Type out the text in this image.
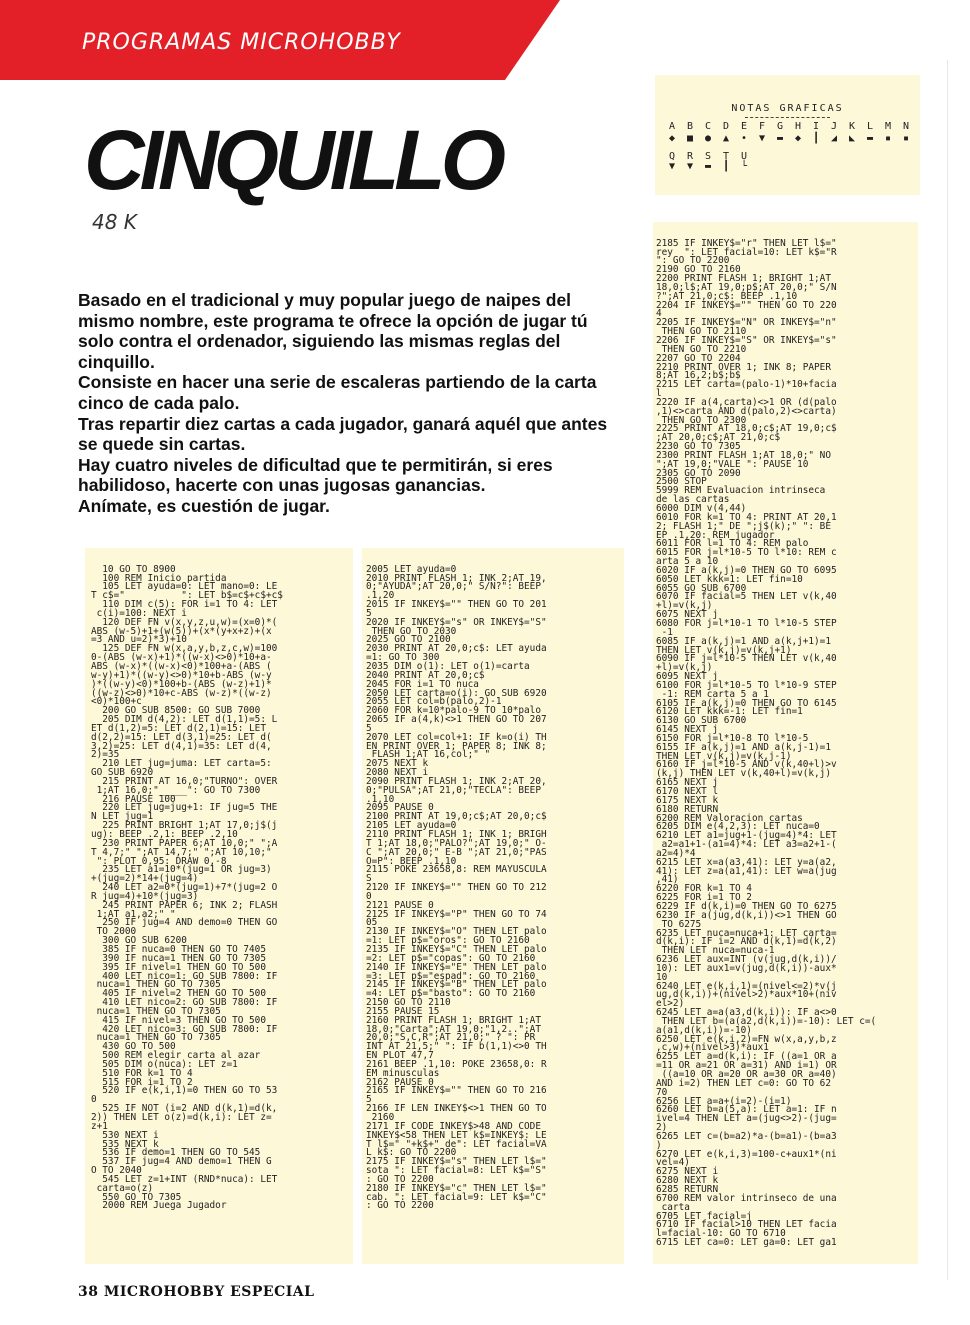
PROGRAMAS MICROHOBBY
CINQUILLO
48 K

Basado en el tradicional y muy popular juego de naipes del mismo nombre, este programa te ofrece la opción de jugar tú solo contra el ordenador, siguiendo las mismas reglas del cinquillo.

Consiste en hacer una serie de escaleras partiendo de la carta cinco de cada palo.

Tras repartir diez cartas a cada jugador, ganará aquél que antes se quede sin cartas.

Hay cuatro niveles de dificultad que te permitirán, si eres habilidoso, hacerte con unas jugosas ganancias.

Anímate, es cuestión de jugar.

NOTAS GRAFICAS
A B C D E F G H I J K L M N
◆ ■ ● ▲ • ▼ ▬ ◆ ┃ ◢ ◣ ▬ ▪ ▪
Q R S T U
▼ ▼ ▬ ┃ └

10 GO TO 8900
100 REM Inicio partida
105 LET ayuda=0: LET mano=0: LE
T c$="          ": LET b$=c$+c$+c$
110 DIM c(5): FOR i=1 TO 4: LET
c(i)=100: NEXT i
120 DEF FN v(x,y,z,u,w)=(x=0)*(
ABS (w-5)+1+(w(5))+(x*(y+x+z)+(x
=3 AND u=2)*3)+10
125 DEF FN w(x,a,y,b,z,c,w)=100
0-(ABS (w-x)+1)*((w-x)<>0)*10+a-
ABS (w-x)*((w-x)<0)*100+a-(ABS (
w-y)+1)*((w-y)<>0)*10+b-ABS (w-y
)*((w-y)<0)*100+b-(ABS (w-z)+1)*
((w-z)<>0)*10+c-ABS (w-z)*((w-z)
<0)*100+c
200 GO SUB 8500: GO SUB 7000
205 DIM d(4,2): LET d(1,1)=5: L
ET d(1,2)=5: LET d(2,1)=15: LET
d(2,2)=15: LET d(3,1)=25: LET d(
3,2)=25: LET d(4,1)=35: LET d(4,
2)=35
210 LET jug=juma: LET carta=5:
GO SUB 6920
215 PRINT AT 16,0;"TURNO": OVER
1;AT 16,0;"_____": GO TO 7300
216 PAUSE 100
220 LET jug=jug+1: IF jug=5 THE
N LET jug=1
225 PRINT BRIGHT 1;AT 17,0;j$(j
ug): BEEP .2,1: BEEP .2,10
230 PRINT PAPER 6;AT 10,0;" ";A
T 4,7;" ";AT 14,7;" ";AT 10,10;"
": PLOT 0,95: DRAW 0,-8
235 LET a1=10*(jug=1 OR jug=3)
+(jug=2)*14+(jug=4)
240 LET a2=0*(jug=1)+7*(jug=2 O
R jug=4)+10*(jug=3)
245 PRINT PAPER 6; INK 2; FLASH
1;AT a1,a2;" "
250 IF jug=4 AND demo=0 THEN GO
TO 2000
300 GO SUB 6200
385 IF nuca=0 THEN GO TO 7405
390 IF nuca=1 THEN GO TO 7305
395 IF nivel=1 THEN GO TO 500
400 LET nico=1: GO SUB 7800: IF
nuca=1 THEN GO TO 7305
405 IF nivel=2 THEN GO TO 500
410 LET nico=2: GO SUB 7800: IF
nuca=1 THEN GO TO 7305
415 IF nivel=3 THEN GO TO 500
420 LET nico=3: GO SUB 7800: IF
nuca=1 THEN GO TO 7305
430 GO TO 500
500 REM elegir carta al azar
505 DIM o(nuca): LET z=1
510 FOR k=1 TO 4
515 FOR i=1 TO 2
520 IF e(k,i,1)=0 THEN GO TO 53
0
525 IF NOT (i=2 AND d(k,1)=d(k,
2)) THEN LET o(z)=d(k,i): LET z=
z+1
530 NEXT i
535 NEXT k
536 IF demo=1 THEN GO TO 545
537 IF jug=4 AND demo=1 THEN G
O TO 2040
545 LET z=1+INT (RND*nuca): LET
carta=o(z)
550 GO TO 7305
2000 REM Juega Jugador

2005 LET ayuda=0
2010 PRINT FLASH 1; INK 2;AT 19,
0;"AYUDA";AT 20,0;" S/N?": BEEP
.1,20
2015 IF INKEY$="" THEN GO TO 201
5
2020 IF INKEY$="s" OR INKEY$="S"
THEN GO TO 2030
2025 GO TO 2100
2030 PRINT AT 20,0;c$: LET ayuda
=1: GO TO 300
2035 DIM o(1): LET o(1)=carta
2040 PRINT AT 20,0;c$
2045 FOR i=1 TO nuca
2050 LET carta=o(i): GO SUB 6920
2055 LET col=b(palo,2)-1
2060 FOR k=10*palo-9 TO 10*palo
2065 IF a(4,k)<>1 THEN GO TO 207
5
2070 LET col=col+1: IF k=o(i) TH
EN PRINT OVER 1; PAPER 8; INK 8;
FLASH 1;AT 16,col;" "
2075 NEXT k
2080 NEXT i
2090 PRINT FLASH 1; INK 2;AT 20,
0;"PULSA";AT 21,0;"TECLA": BEEP
.1,10
2095 PAUSE 0
2100 PRINT AT 19,0;c$;AT 20,0;c$
2105 LET ayuda=0
2110 PRINT FLASH 1; INK 1; BRIGH
T 1;AT 18,0;"PALO?";AT 19,0;" O-
C ";AT 20,0;" E-B ";AT 21,0;"PAS
O=P": BEEP .1,10
2115 POKE 23658,8: REM MAYUSCULA
S
2120 IF INKEY$="" THEN GO TO 212
0
2121 PAUSE 0
2125 IF INKEY$="P" THEN GO TO 74
05
2130 IF INKEY$="O" THEN LET palo
=1: LET p$="oros": GO TO 2160
2135 IF INKEY$="C" THEN LET palo
=2: LET p$="copas": GO TO 2160
2140 IF INKEY$="E" THEN LET palo
=3: LET p$="espad": GO TO 2160
2145 IF INKEY$="B" THEN LET palo
=4: LET p$="basto": GO TO 2160
2150 GO TO 2110
2155 PAUSE 15
2160 PRINT FLASH 1; BRIGHT 1;AT
18,0;"Carta";AT 19,0;"1,2..";AT
20,0;"S,C,R";AT 21,0;" ? ": PR
INT AT 21,5;" ": IF b(1,1)<>0 TH
EN PLOT 47,7
2161 BEEP .1,10: POKE 23658,0: R
EM minusculas
2162 PAUSE 0
2165 IF INKEY$="" THEN GO TO 216
5
2166 IF LEN INKEY$<>1 THEN GO TO
2160
2171 IF CODE INKEY$>48 AND CODE
INKEY$<58 THEN LET k$=INKEY$: LE
T l$=" "+k$+" de": LET facial=VA
L k$: GO TO 2200
2175 IF INKEY$="s" THEN LET l$="
sota ": LET facial=8: LET k$="S"
: GO TO 2200
2180 IF INKEY$="c" THEN LET l$="
cab. ": LET facial=9: LET k$="C"
: GO TO 2200

2185 IF INKEY$="r" THEN LET l$="
rey  ": LET facial=10: LET k$="R
": GO TO 2200
2190 GO TO 2160
2200 PRINT FLASH 1; BRIGHT 1;AT
18,0;l$;AT 19,0;p$;AT 20,0;" S/N
?";AT 21,0;c$: BEEP .1,10
2204 IF INKEY$="" THEN GO TO 220
4
2205 IF INKEY$="N" OR INKEY$="n"
THEN GO TO 2110
2206 IF INKEY$="S" OR INKEY$="s"
THEN GO TO 2210
2207 GO TO 2204
2210 PRINT OVER 1; INK 8; PAPER
8;AT 16,2;b$;b$
2215 LET carta=(palo-1)*10+facia
l
2220 IF a(4,carta)<>1 OR (d(palo
,1)<>carta AND d(palo,2)<>carta)
THEN GO TO 2300
2225 PRINT AT 18,0;c$;AT 19,0;c$
;AT 20,0;c$;AT 21,0;c$
2230 GO TO 7305
2300 PRINT FLASH 1;AT 18,0;" NO
";AT 19,0;"VALE ": PAUSE 10
2305 GO TO 2090
2500 STOP
5999 REM Evaluacion intrinseca
de las cartas
6000 DIM v(4,44)
6010 FOR k=1 TO 4: PRINT AT 20,1
2; FLASH 1;" DE ";j$(k);" ": BE
EP .1,20: REM jugador
6011 FOR l=1 TO 4: REM palo
6015 FOR j=l*10-5 TO l*10: REM c
arta 5 a 10
6020 IF a(k,j)=0 THEN GO TO 6095
6050 LET kkk=1: LET fin=10
6055 GO SUB 6700
6070 IF facial=5 THEN LET v(k,40
+l)=v(k,j)
6075 NEXT j
6080 FOR j=l*10-1 TO l*10-5 STEP
-1
6085 IF a(k,j)=1 AND a(k,j+1)=1
THEN LET v(k,j)=v(k,j+1)
6090 IF j=l*10-5 THEN LET v(k,40
+l)=v(k,j)
6095 NEXT j
6100 FOR j=l*10-5 TO l*10-9 STEP
-1: REM carta 5 a 1
6105 IF a(k,j)=0 THEN GO TO 6145
6120 LET kkk=-1: LET fin=1
6130 GO SUB 6700
6145 NEXT j
6150 FOR j=l*10-8 TO l*10-5
6155 IF a(k,j)=1 AND a(k,j-1)=1
THEN LET v(k,j)=v(k,j-1)
6160 IF j=l*10-5 AND v(k,40+l)>v
(k,j) THEN LET v(k,40+l)=v(k,j)
6165 NEXT j
6170 NEXT l
6175 NEXT k
6180 RETURN
6200 REM Valoracion cartas
6205 DIM e(4,2,3): LET nuca=0
6210 LET a1=jug+1-(jug=4)*4: LET
a2=a1+1-(a1=4)*4: LET a3=a2+1-(
a2=4)*4
6215 LET x=a(a3,41): LET y=a(a2,
41): LET z=a(a1,41): LET w=a(jug
,41)
6220 FOR k=1 TO 4
6225 FOR i=1 TO 2
6229 IF d(k,i)=0 THEN GO TO 6275
6230 IF a(jug,d(k,i))<>1 THEN GO
TO 6275
6235 LET nuca=nuca+1: LET carta=
d(k,i): IF i=2 AND d(k,1)=d(k,2)
THEN LET nuca=nuca-1
6236 LET aux=INT (v(jug,d(k,i))/
10): LET aux1=v(jug,d(k,i))-aux*
10
6240 LET e(k,i,1)=(nivel<=2)*v(j
ug,d(k,i))+(nivel>2)*aux*10+(niv
el>2)
6245 LET a=a(a3,d(k,i)): IF a<>0
THEN LET b=(a(a2,d(k,i))=-10): LET c=(
a(a1,d(k,i))=-10)
6250 LET e(k,i,2)=FN w(x,a,y,b,z
,c,w)+(nivel>3)*aux1
6255 LET a=d(k,i): IF ((a=1 OR a
=11 OR a=21 OR a=31) AND i=1) OR
((a=10 OR a=20 OR a=30 OR a=40)
AND i=2) THEN LET c=0: GO TO 62
70
6256 LET a=a+(i=2)-(i=1)
6260 LET b=a(5,a): LET a=1: IF n
ivel=4 THEN LET a=(jug<>2)-(jug=
2)
6265 LET c=(b=a2)*a-(b=a1)-(b=a3
)
6270 LET e(k,i,3)=100-c+aux1*(ni
vel=4)
6275 NEXT i
6280 NEXT k
6285 RETURN
6700 REM valor intrinseco de una
carta
6705 LET facial=j
6710 IF facial>10 THEN LET facia
l=facial-10: GO TO 6710
6715 LET ca=0: LET ga=0: LET ga1

38 MICROHOBBY ESPECIAL
